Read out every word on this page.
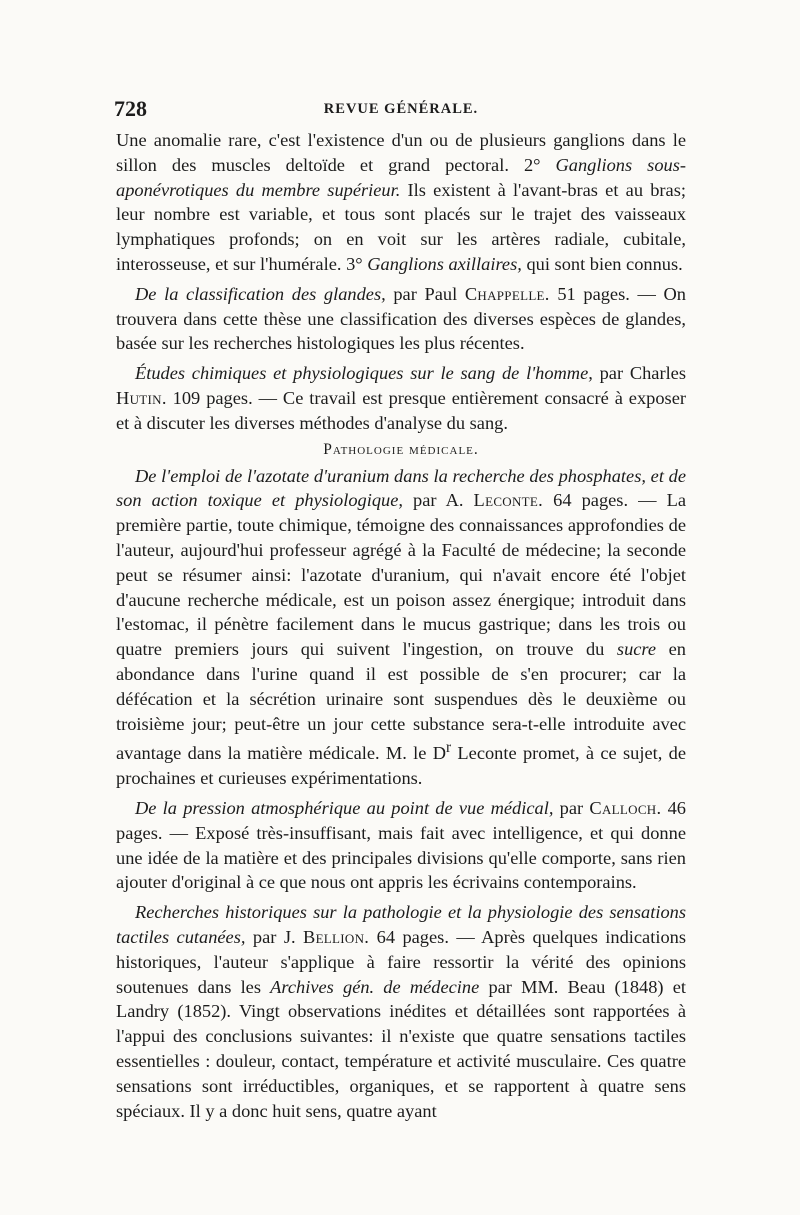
728	REVUE GÉNÉRALE.

Une anomalie rare, c'est l'existence d'un ou de plusieurs ganglions dans le sillon des muscles deltoïde et grand pectoral. 2° Ganglions sous-aponévrotiques du membre supérieur. Ils existent à l'avant-bras et au bras; leur nombre est variable, et tous sont placés sur le trajet des vaisseaux lymphatiques profonds; on en voit sur les artères radiale, cubitale, interosseuse, et sur l'humérale. 3° Ganglions axillaires, qui sont bien connus.

De la classification des glandes, par Paul Chappelle. 51 pages. — On trouvera dans cette thèse une classification des diverses espèces de glandes, basée sur les recherches histologiques les plus récentes.

Études chimiques et physiologiques sur le sang de l'homme, par Charles Hutin. 109 pages. — Ce travail est presque entièrement consacré à exposer et à discuter les diverses méthodes d'analyse du sang.

Pathologie médicale.

De l'emploi de l'azotate d'uranium dans la recherche des phosphates, et de son action toxique et physiologique, par A. Leconte. 64 pages. — La première partie, toute chimique, témoigne des connaissances approfondies de l'auteur, aujourd'hui professeur agrégé à la Faculté de médecine; la seconde peut se résumer ainsi: l'azotate d'uranium, qui n'avait encore été l'objet d'aucune recherche médicale, est un poison assez énergique; introduit dans l'estomac, il pénètre facilement dans le mucus gastrique; dans les trois ou quatre premiers jours qui suivent l'ingestion, on trouve du sucre en abondance dans l'urine quand il est possible de s'en procurer; car la défécation et la sécrétion urinaire sont suspendues dès le deuxième ou troisième jour; peut-être un jour cette substance sera-t-elle introduite avec avantage dans la matière médicale. M. le $D^r$ Leconte promet, à ce sujet, de prochaines et curieuses expérimentations.

De la pression atmosphérique au point de vue médical, par Calloch. 46 pages. — Exposé très-insuffisant, mais fait avec intelligence, et qui donne une idée de la matière et des principales divisions qu'elle comporte, sans rien ajouter d'original à ce que nous ont appris les écrivains contemporains.

Recherches historiques sur la pathologie et la physiologie des sensations tactiles cutanées, par J. Bellion. 64 pages. — Après quelques indications historiques, l'auteur s'applique à faire ressortir la vérité des opinions soutenues dans les Archives gén. de médecine par MM. Beau (1848) et Landry (1852). Vingt observations inédites et détaillées sont rapportées à l'appui des conclusions suivantes: il n'existe que quatre sensations tactiles essentielles : douleur, contact, température et activité musculaire. Ces quatre sensations sont irréductibles, organiques, et se rapportent à quatre sens spéciaux. Il y a donc huit sens, quatre ayant
